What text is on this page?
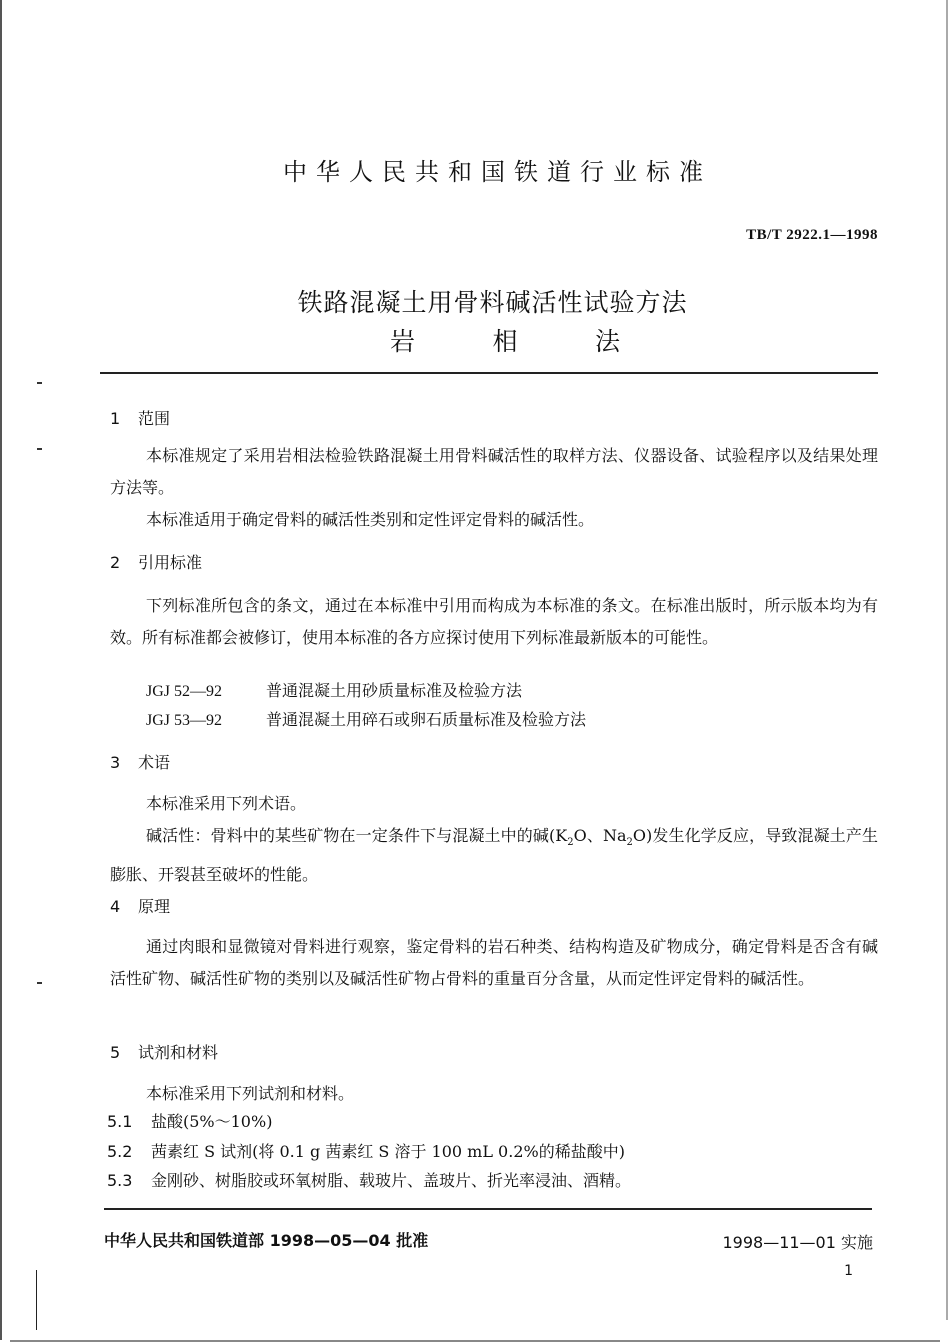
中华人民共和国铁道行业标准
TB/T 2922.1—1998
铁路混凝土用骨料碱活性试验方法
岩	相	法
1 范围
本标准规定了采用岩相法检验铁路混凝土用骨料碱活性的取样方法、仪器设备、试验程序以及结果处理方法等。
本标准适用于确定骨料的碱活性类别和定性评定骨料的碱活性。
2 引用标准
下列标准所包含的条文，通过在本标准中引用而构成为本标准的条文。在标准出版时，所示版本均为有效。所有标准都会被修订，使用本标准的各方应探讨使用下列标准最新版本的可能性。
JGJ 52—92	普通混凝土用砂质量标准及检验方法
JGJ 53—92	普通混凝土用碎石或卵石质量标准及检验方法
3 术语
本标准采用下列术语。
碱活性：骨料中的某些矿物在一定条件下与混凝土中的碱($K_2O$、$Na_2O$)发生化学反应，导致混凝土产生膨胀、开裂甚至破坏的性能。
4 原理
通过肉眼和显微镜对骨料进行观察，鉴定骨料的岩石种类、结构构造及矿物成分，确定骨料是否含有碱活性矿物、碱活性矿物的类别以及碱活性矿物占骨料的重量百分含量，从而定性评定骨料的碱活性。
5 试剂和材料
本标准采用下列试剂和材料。
5.1 盐酸(5%～10%)
5.2 茜素红 S 试剂(将 0.1 g 茜素红 S 溶于 100 mL 0.2%的稀盐酸中)
5.3 金刚砂、树脂胶或环氧树脂、载玻片、盖玻片、折光率浸油、酒精。
中华人民共和国铁道部 1998—05—04 批准	1998—11—01 实施
1
